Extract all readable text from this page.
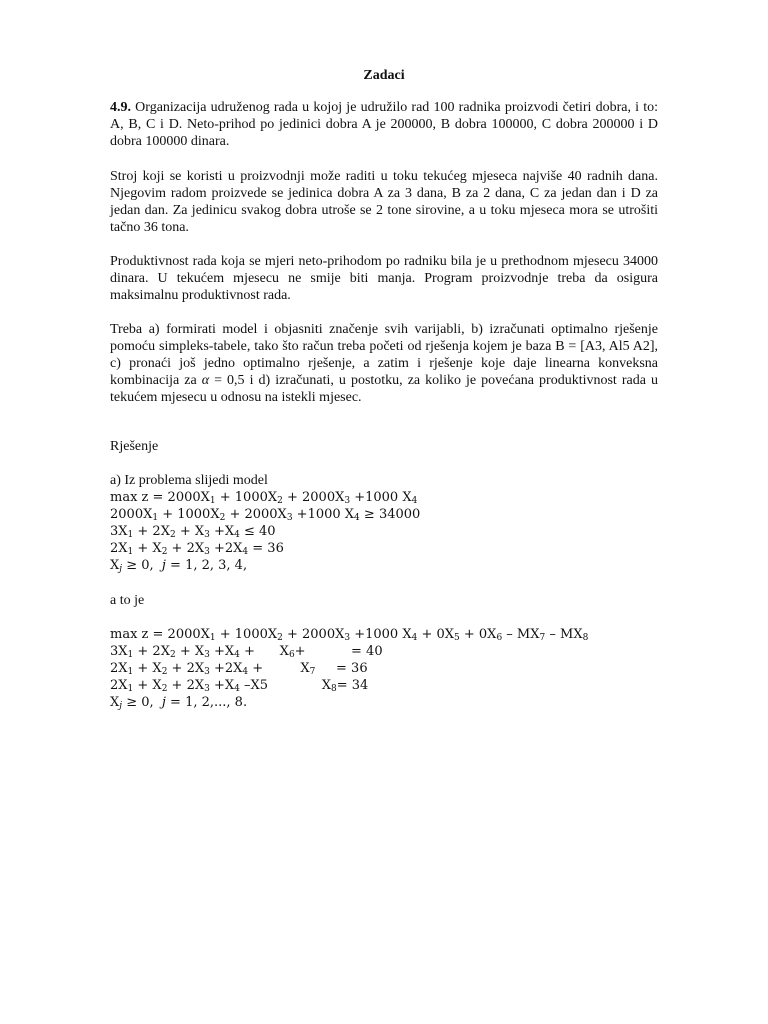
Zadaci

4.9. Organizacija udruženog rada u kojoj je udružilo rad 100 radnika proizvodi četiri dobra, i to: A, B, C i D. Neto-prihod po jedinici dobra A je 200000, B dobra 100000, C dobra 200000 i D dobra 100000 dinara.

Stroj koji se koristi u proizvodnji može raditi u toku tekućeg mjeseca najviše 40 radnih dana. Njegovim radom proizvede se jedinica dobra A za 3 dana, B za 2 dana, C za jedan dan i D za jedan dan. Za jedinicu svakog dobra utroše se 2 tone sirovine, a u toku mjeseca mora se utrošiti tačno 36 tona.

Produktivnost rada koja se mjeri neto-prihodom po radniku bila je u prethodnom mjesecu 34000 dinara. U tekućem mjesecu ne smije biti manja. Program proizvodnje treba da osigura maksimalnu produktivnost rada.

Treba a) formirati model i objasniti značenje svih varijabli, b) izračunati optimalno rješenje pomoću simpleks-tabele, tako što račun treba početi od rješenja kojem je baza B = [A3, Al5 A2], c) pronaći još jedno optimalno rješenje, a zatim i rješenje koje daje linearna konveksna kombinacija za α = 0,5 i d) izračunati, u postotku, za koliko je povećana produktivnost rada u tekućem mjesecu u odnosu na istekli mjesec.

Rješenje
a) Iz problema slijedi model
$\max z = 2000X_1 + 1000X_2 + 2000X_3 +1000$ $X_4$
$2000X_1 + 1000X_2 + 2000X_3 +1000$ $X_4 \ge 34000$
$3X_1 + 2X_2 + X_3 +X_4 \le 40$
$2X_1 + X_2 + 2X_3 +2X_4 = 36$
$X_j \ge 0$,  j = 1, 2, 3, 4,
a to je
$\max z = 2000X_1 + 1000X_2 + 2000X_3 +1000$ $X_4 + 0X_5 + 0X_6 - MX_7 - MX_8$
$3X_1 + 2X_2 + X_3 +X_4$ +      $X_6+$           = 40
$2X_1 + X_2 + 2X_3 +2X_4$ +         $X_7$     = 36
$2X_1 + X_2 + 2X_3 +X_4$ –X5             $X_8= 34$
$X_j \ge 0$,  j = 1, 2,..., 8.
